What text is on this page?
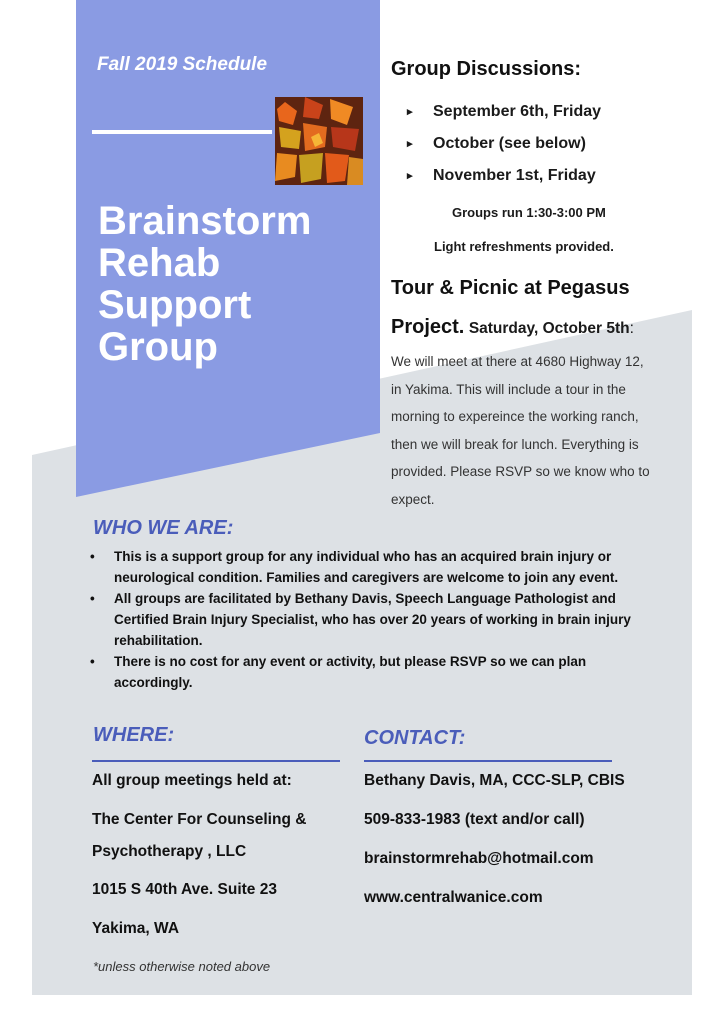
Fall 2019 Schedule
Brainstorm
Rehab
Support
Group
Group Discussions:
▸ September 6th, Friday
▸ October (see below)
▸ November 1st, Friday
Groups run 1:30-3:00 PM
Light refreshments provided.
Tour & Picnic at Pegasus
Project. Saturday, October 5th:
We will meet at there at 4680 Highway 12,
in Yakima. This will include a tour in the
morning to expereince the working ranch,
then we will break for lunch. Everything is
provided. Please RSVP so we know who to
expect.
WHO WE ARE:
• This is a support group for any individual who has an acquired brain injury or neurological condition. Families and caregivers are welcome to join any event.
• All groups are facilitated by Bethany Davis, Speech Language Pathologist and Certified Brain Injury Specialist, who has over 20 years of working in brain injury rehabilitation.
• There is no cost for any event or activity, but please RSVP so we can plan accordingly.
WHERE:
All group meetings held at:
The Center For Counseling &
Psychotherapy , LLC
1015 S 40th Ave. Suite 23
Yakima, WA
*unless otherwise noted above
CONTACT:
Bethany Davis, MA, CCC-SLP, CBIS
509-833-1983 (text and/or call)
brainstormrehab@hotmail.com
www.centralwanice.com
